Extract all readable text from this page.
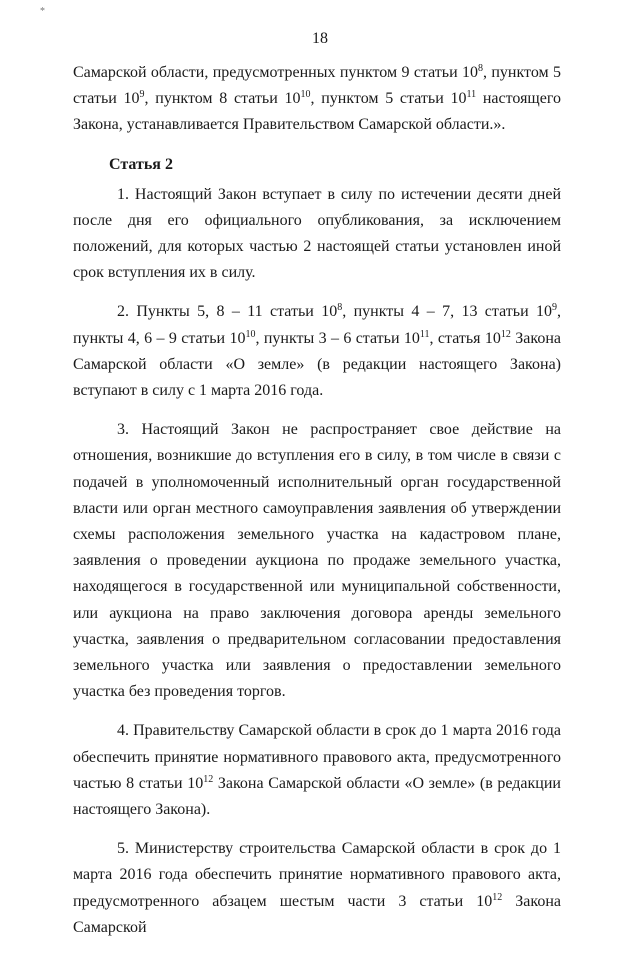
*
18

Самарской области, предусмотренных пунктом 9 статьи $10^8$, пунктом 5 статьи $10^9$, пунктом 8 статьи $10^{10}$, пунктом 5 статьи $10^{11}$ настоящего Закона, устанавливается Правительством Самарской области.».

Статья 2

1. Настоящий Закон вступает в силу по истечении десяти дней после дня его официального опубликования, за исключением положений, для которых частью 2 настоящей статьи установлен иной срок вступления их в силу.

2. Пункты 5, 8 – 11 статьи $10^8$, пункты 4 – 7, 13 статьи $10^9$, пункты 4, 6 – 9 статьи $10^{10}$, пункты 3 – 6 статьи $10^{11}$, статья $10^{12}$ Закона Самарской области «О земле» (в редакции настоящего Закона) вступают в силу с 1 марта 2016 года.

3. Настоящий Закон не распространяет свое действие на отношения, возникшие до вступления его в силу, в том числе в связи с подачей в уполномоченный исполнительный орган государственной власти или орган местного самоуправления заявления об утверждении схемы расположения земельного участка на кадастровом плане, заявления о проведении аукциона по продаже земельного участка, находящегося в государственной или муниципальной собственности, или аукциона на право заключения договора аренды земельного участка, заявления о предварительном согласовании предоставления земельного участка или заявления о предоставлении земельного участка без проведения торгов.

4. Правительству Самарской области в срок до 1 марта 2016 года обеспечить принятие нормативного правового акта, предусмотренного частью 8 статьи $10^{12}$ Закона Самарской области «О земле» (в редакции настоящего Закона).

5. Министерству строительства Самарской области в срок до 1 марта 2016 года обеспечить принятие нормативного правового акта, предусмотренного абзацем шестым части 3 статьи $10^{12}$ Закона Самарской
